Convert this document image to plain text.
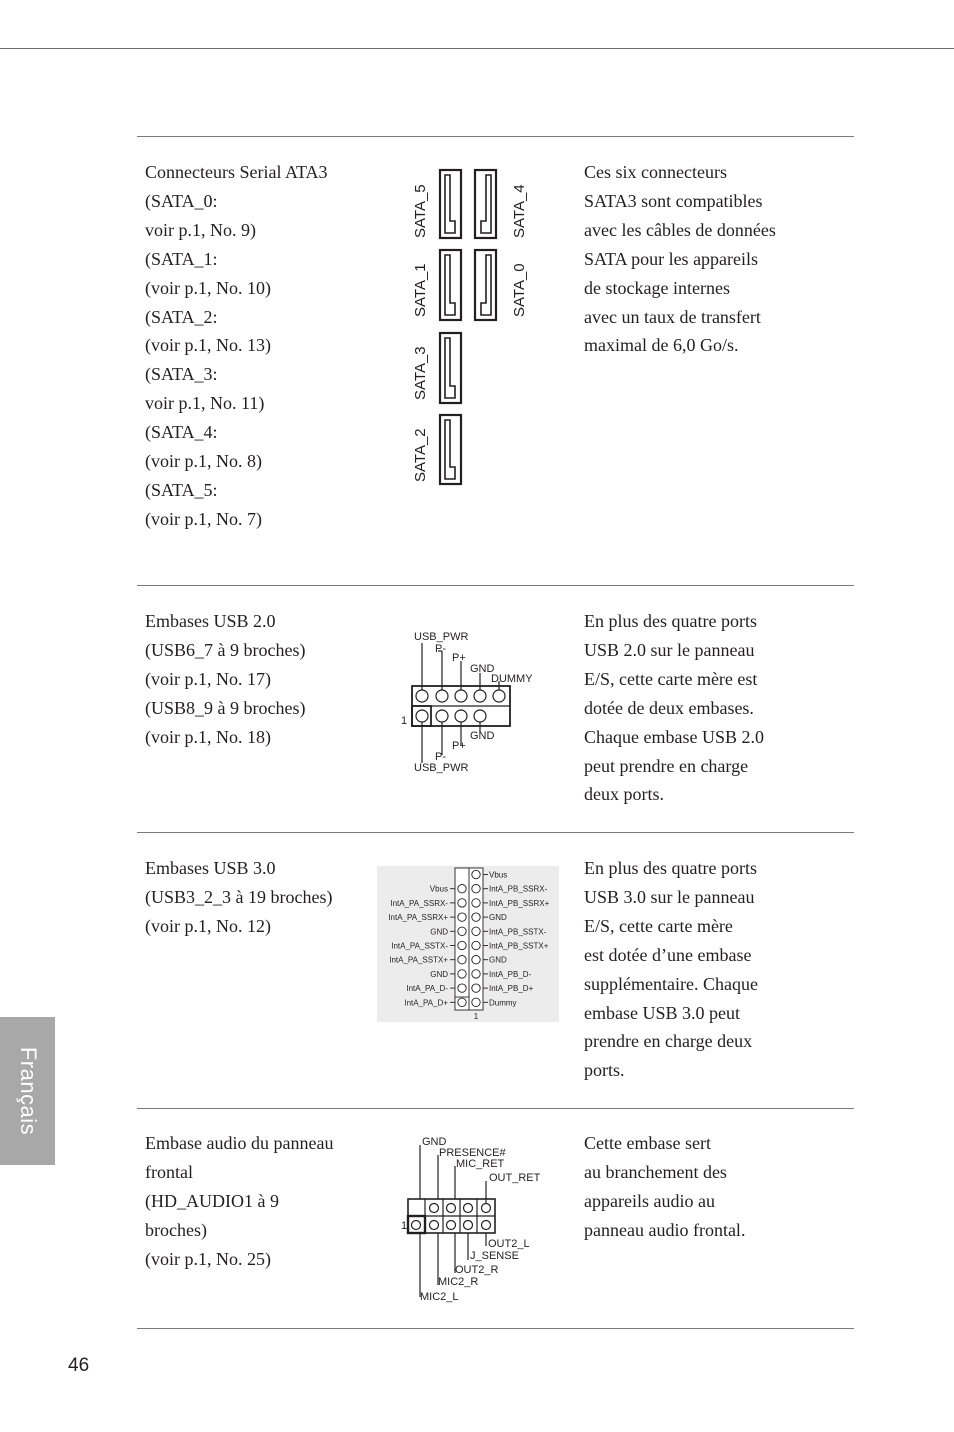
Connecteurs Serial ATA3
(SATA_0:
voir p.1, No. 9)
(SATA_1:
(voir p.1, No. 10)
(SATA_2:
(voir p.1, No. 13)
(SATA_3:
voir p.1, No. 11)
(SATA_4:
(voir p.1, No. 8)
(SATA_5:
(voir p.1, No. 7)
SATA_5	SATA_4
SATA_1	SATA_0
SATA_3
SATA_2
Ces six connecteurs
SATA3 sont compatibles
avec les câbles de données
SATA pour les appareils
de stockage internes
avec un taux de transfert
maximal de 6,0 Go/s.
Embases USB 2.0
(USB6_7 à 9 broches)
(voir p.1, No. 17)
(USB8_9 à 9 broches)
(voir p.1, No. 18)
USB_PWR
P-
P+
GND
DUMMY
1
GND
P+
P-
USB_PWR
En plus des quatre ports
USB 2.0 sur le panneau
E/S, cette carte mère est
dotée de deux embases.
Chaque embase USB 2.0
peut prendre en charge
deux ports.
Embases USB 3.0
(USB3_2_3 à 19 broches)
(voir p.1, No. 12)
Vbus
IntA_PA_SSRX-
IntA_PA_SSRX+
GND
IntA_PA_SSTX-
IntA_PA_SSTX+
GND
IntA_PA_D-
IntA_PA_D+
Vbus
IntA_PB_SSRX-
IntA_PB_SSRX+
GND
IntA_PB_SSTX-
IntA_PB_SSTX+
GND
IntA_PB_D-
IntA_PB_D+
Dummy
1
En plus des quatre ports
USB 3.0 sur le panneau
E/S, cette carte mère
est dotée d’une embase
supplémentaire. Chaque
embase USB 3.0 peut
prendre en charge deux
ports.
Embase audio du panneau
frontal
(HD_AUDIO1 à 9
broches)
(voir p.1, No. 25)
GND
PRESENCE#
MIC_RET
OUT_RET
1
OUT2_L
J_SENSE
OUT2_R
MIC2_R
MIC2_L
Cette embase sert
au branchement des
appareils audio au
panneau audio frontal.
Français
46
